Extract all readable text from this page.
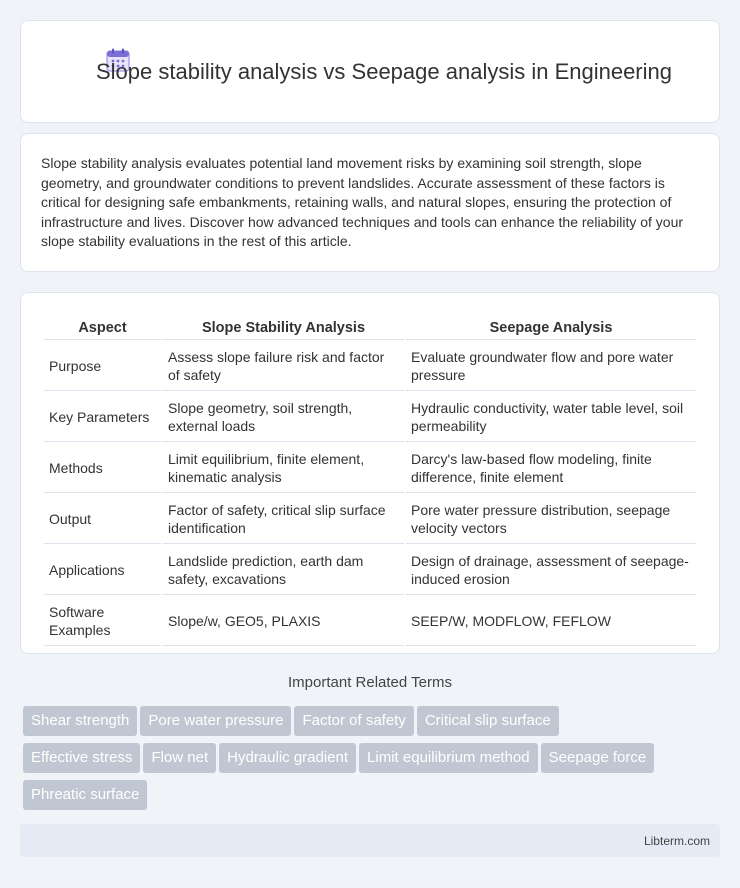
Slope stability analysis vs Seepage analysis in Engineering

Slope stability analysis evaluates potential land movement risks by examining soil strength, slope geometry, and groundwater conditions to prevent landslides. Accurate assessment of these factors is critical for designing safe embankments, retaining walls, and natural slopes, ensuring the protection of infrastructure and lives. Discover how advanced techniques and tools can enhance the reliability of your slope stability evaluations in the rest of this article.

Aspect	Slope Stability Analysis	Seepage Analysis
Purpose	Assess slope failure risk and factor of safety	Evaluate groundwater flow and pore water pressure
Key Parameters	Slope geometry, soil strength, external loads	Hydraulic conductivity, water table level, soil permeability
Methods	Limit equilibrium, finite element, kinematic analysis	Darcy's law-based flow modeling, finite difference, finite element
Output	Factor of safety, critical slip surface identification	Pore water pressure distribution, seepage velocity vectors
Applications	Landslide prediction, earth dam safety, excavations	Design of drainage, assessment of seepage-induced erosion
Software Examples	Slope/w, GEO5, PLAXIS	SEEP/W, MODFLOW, FEFLOW
Important Related Terms
Shear strength Pore water pressure Factor of safety Critical slip surface
Effective stress Flow net Hydraulic gradient Limit equilibrium method Seepage force
Phreatic surface
Libterm.com
